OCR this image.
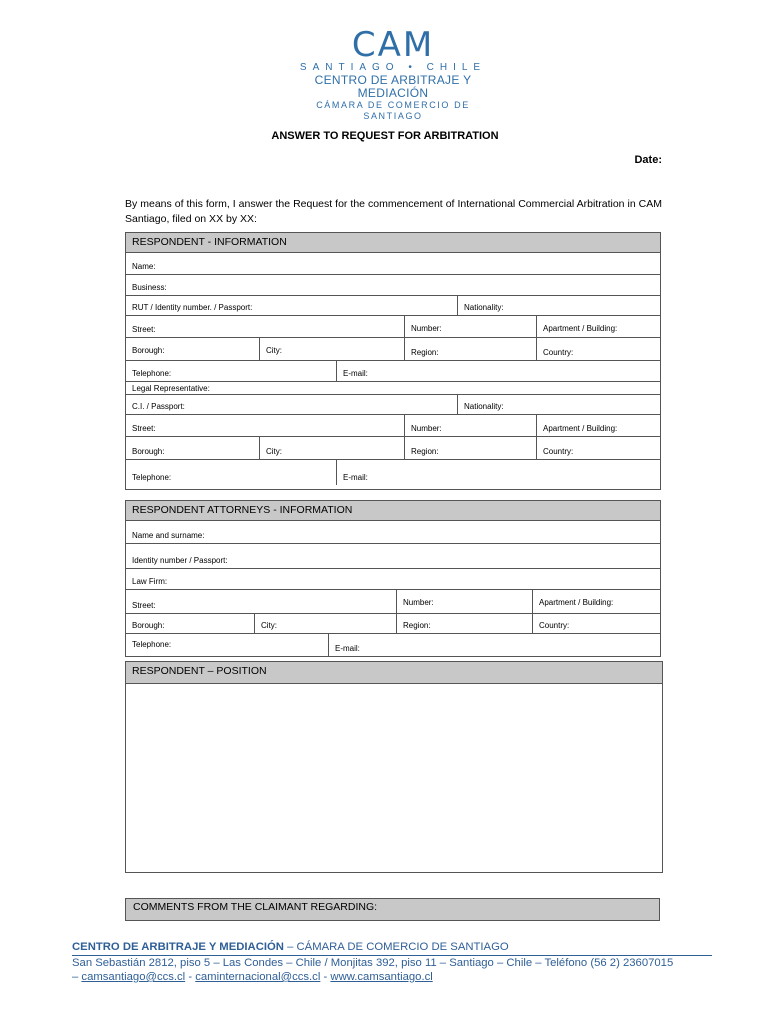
CAM
SANTIAGO • CHILE
CENTRO DE ARBITRAJE Y MEDIACIÓN
CÁMARA DE COMERCIO DE SANTIAGO
ANSWER TO REQUEST FOR ARBITRATION
Date:
By means of this form, I answer the Request for the commencement of International Commercial Arbitration in CAM Santiago, filed on XX by XX:
RESPONDENT - INFORMATION
Name:
Business:
RUT / Identity number. / Passport:	Nationality:
Street:	Number:	Apartment / Building:
Borough:	City:	Region:	Country:
Telephone:	E-mail:
Legal Representative:
C.I. / Passport:	Nationality:
Street:	Number:	Apartment / Building:
Borough:	City:	Region:	Country:
Telephone:	E-mail:
RESPONDENT ATTORNEYS - INFORMATION
Name and surname:
Identity number / Passport:
Law Firm:
Street:	Number:	Apartment / Building:
Borough:	City:	Region:	Country:
Telephone:	E-mail:
RESPONDENT – POSITION
COMMENTS FROM THE CLAIMANT REGARDING:
CENTRO DE ARBITRAJE Y MEDIACIÓN – CÁMARA DE COMERCIO DE SANTIAGO
San Sebastián 2812, piso 5 – Las Condes – Chile / Monjitas 392, piso 11 – Santiago – Chile – Teléfono (56 2) 23607015
– camsantiago@ccs.cl - caminternacional@ccs.cl - www.camsantiago.cl
